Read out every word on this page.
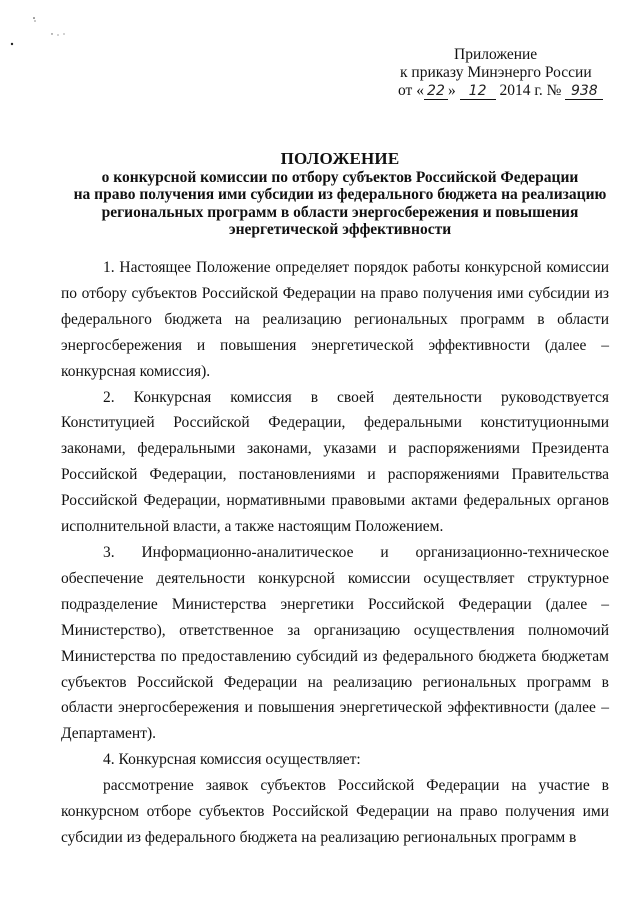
Приложение
к приказу Минэнерго России
от « 22 » 12 2014 г. № 938
ПОЛОЖЕНИЕ
о конкурсной комиссии по отбору субъектов Российской Федерации
на право получения ими субсидии из федерального бюджета на реализацию
региональных программ в области энергосбережения и повышения
энергетической эффективности

1. Настоящее Положение определяет порядок работы конкурсной комиссии по отбору субъектов Российской Федерации на право получения ими субсидии из федерального бюджета на реализацию региональных программ в области энергосбережения и повышения энергетической эффективности (далее – конкурсная комиссия).

2. Конкурсная комиссия в своей деятельности руководствуется Конституцией Российской Федерации, федеральными конституционными законами, федеральными законами, указами и распоряжениями Президента Российской Федерации, постановлениями и распоряжениями Правительства Российской Федерации, нормативными правовыми актами федеральных органов исполнительной власти, а также настоящим Положением.

3. Информационно-аналитическое и организационно-техническое обеспечение деятельности конкурсной комиссии осуществляет структурное подразделение Министерства энергетики Российской Федерации (далее – Министерство), ответственное за организацию осуществления полномочий Министерства по предоставлению субсидий из федерального бюджета бюджетам субъектов Российской Федерации на реализацию региональных программ в области энергосбережения и повышения энергетической эффективности (далее – Департамент).

4. Конкурсная комиссия осуществляет:

рассмотрение заявок субъектов Российской Федерации на участие в конкурсном отборе субъектов Российской Федерации на право получения ими субсидии из федерального бюджета на реализацию региональных программ в
